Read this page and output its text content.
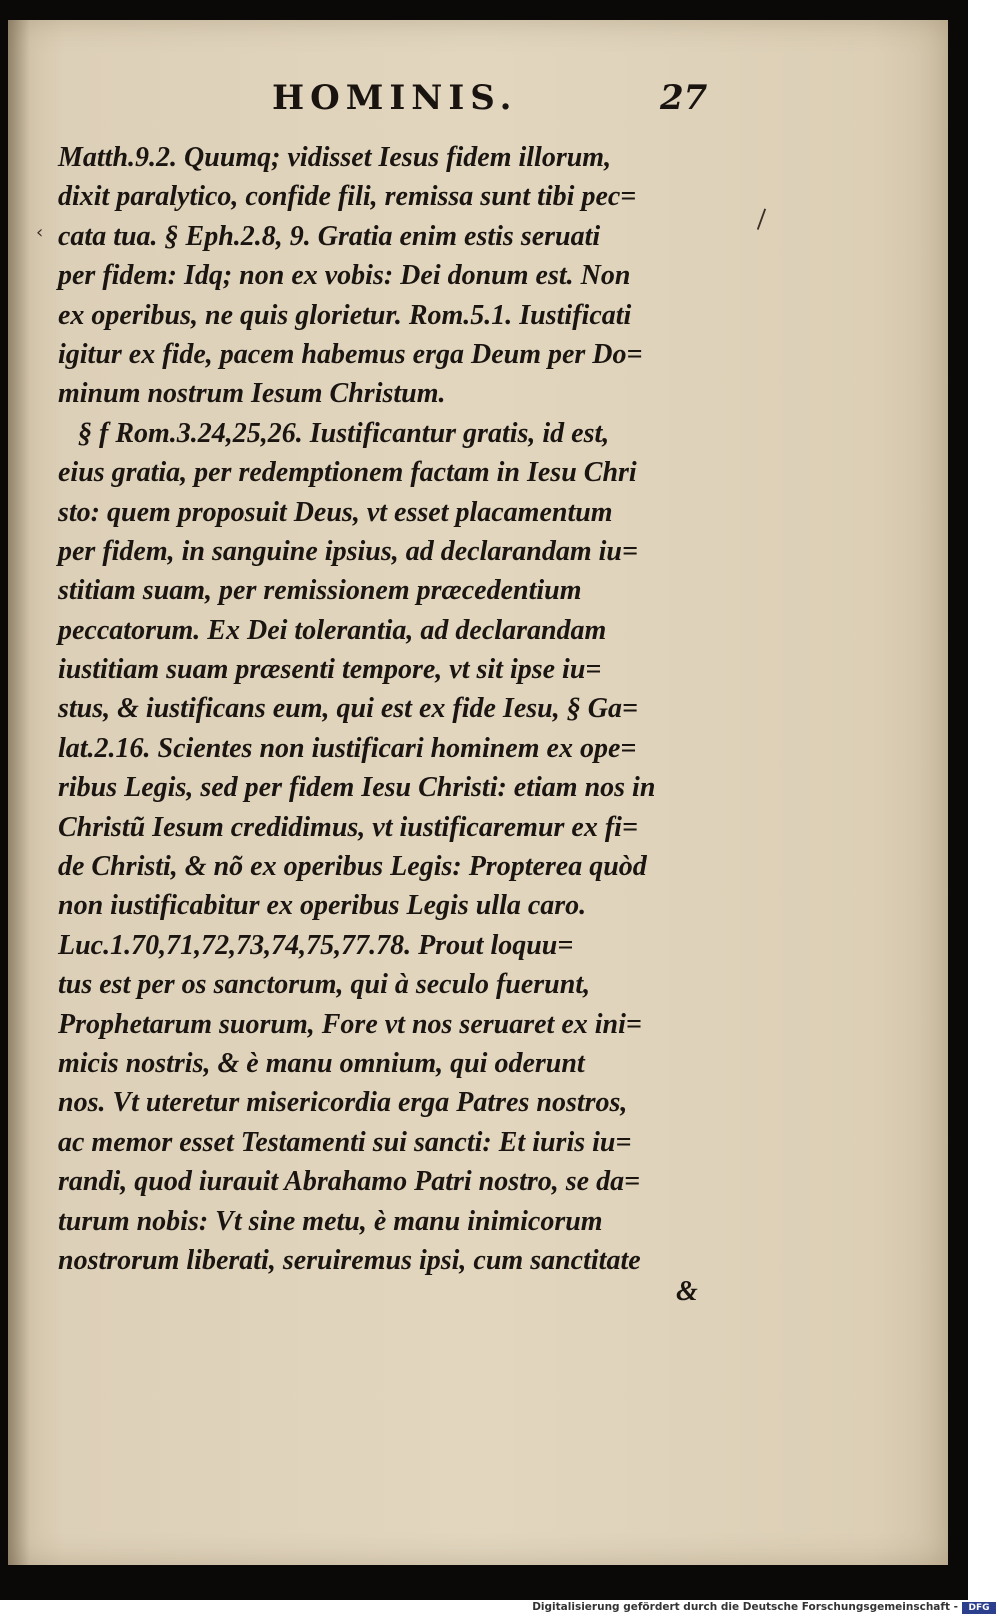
HOMINIS.	27
Matth.9.2. Quumq; vidisset Iesus fidem illorum,
dixit paralytico, confide fili, remissa sunt tibi pec=
cata tua. § Eph.2.8, 9. Gratia enim estis seruati
per fidem: Idq; non ex vobis: Dei donum est. Non
ex operibus, ne quis glorietur. Rom.5.1. Iustificati
igitur ex fide, pacem habemus erga Deum per Do=
minum nostrum Iesum Christum.
§ f Rom.3.24,25,26. Iustificantur gratis, id est,
eius gratia, per redemptionem factam in Iesu Chri
sto: quem proposuit Deus, vt esset placamentum
per fidem, in sanguine ipsius, ad declarandam iu=
stitiam suam, per remissionem præcedentium
peccatorum. Ex Dei tolerantia, ad declarandam
iustitiam suam præsenti tempore, vt sit ipse iu=
stus, & iustificans eum, qui est ex fide Iesu, § Ga=
lat.2.16. Scientes non iustificari hominem ex ope=
ribus Legis, sed per fidem Iesu Christi: etiam nos in
Christũ Iesum credidimus, vt iustificaremur ex fi=
de Christi, & nõ ex operibus Legis: Propterea quòd
non iustificabitur ex operibus Legis ulla caro.
Luc.1.70,71,72,73,74,75,77.78. Prout loquu=
tus est per os sanctorum, qui à seculo fuerunt,
Prophetarum suorum, Fore vt nos seruaret ex ini=
micis nostris, & è manu omnium, qui oderunt
nos. Vt uteretur misericordia erga Patres nostros,
ac memor esset Testamenti sui sancti: Et iuris iu=
randi, quod iurauit Abrahamo Patri nostro, se da=
turum nobis: Vt sine metu, è manu inimicorum
nostrorum liberati, seruiremus ipsi, cum sanctitate
&
|
‹
Digitalisierung gefördert durch die Deutsche Forschungsgemeinschaft -	DFG
